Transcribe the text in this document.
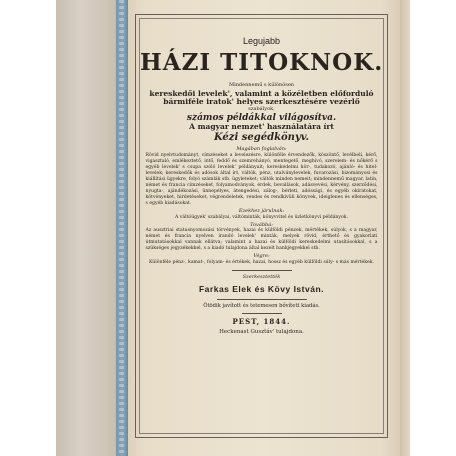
Legujabb
HÁZI TITOKNOK.
Mindennemű s különösen
kereskedői levelek', valamint a közéletben előforduló
bármiféle iratok' helyes szerkesztésére vezérlő
szabályok,
számos példákkal világosítva.
A magyar nemzet' használatára írt
Kézi segédkönyv.
Magában foglalván:
Rövid nyelvtudományt, címzéseket a levelezésre, különféle érvendezők, köszöntő, levélbeli, kérő, vigasztaló, emlékeztető, intő, feddő és szemrehányó, mentegető, meghívó, szerelem- és nőkérő s egyéb levelek' s csupa szóló levelek' példányait; kereskedelmi kör-, tudakozó, ajánló- és hitel-levelek; kereskedők és adósok által írt, váltók, pénz, utalványlevelek, fuvarozási, bizományosi és kiállítási ügyekre, folyó számlák stb. ügyleteket; váltók minden nemeit; mindennemű magyar, latin, német és francia címzéseket, folyamodványok, érdek, bevallások, adásvevési, kérvény, szerződési, nyugta-, ajándékozási, ünnepélyes, átengedési, zálog-, bérleti, adóssági, és egyéb okiratokat, kötvényeket, hirdetéseket, végrendeletek, rendes és rendkívüli könyvek, ideiglenes és ellenséges, s egyéb kiadásokat.
Ezekhez járulnak:
A váltóügyek' szabályai, váltóminták, könyvvitel és üzletkönyvi példányok.
Továbbá:
Az ausztriai statusnyomozási törvények, hazai és külföldi pénzek, mértékek, súlyok, s a magyar, német és francia nyelven írandó levelek' minták, melyek rövid, érthető és gyakorlati útmutatásokkal vannak ellátva; valamint a hazai és külföldi kereskedelmi utasításokkal, s a szükséges jegyzékekkel, s a kiadó tulajdona által kezelt bankjegyekkel stb.
Végre:
Különféle pénz-, kamat-, folyam- és értékek, hazai, hossz és egyéb külföldi súly- s más mértékek.
Szerkesztették
Farkas Elek és Kövy István.
Ötödik javított és tetemesen bővített kiadás.
PEST, 1844.
Heckenast Gusztáv' tulajdona.
